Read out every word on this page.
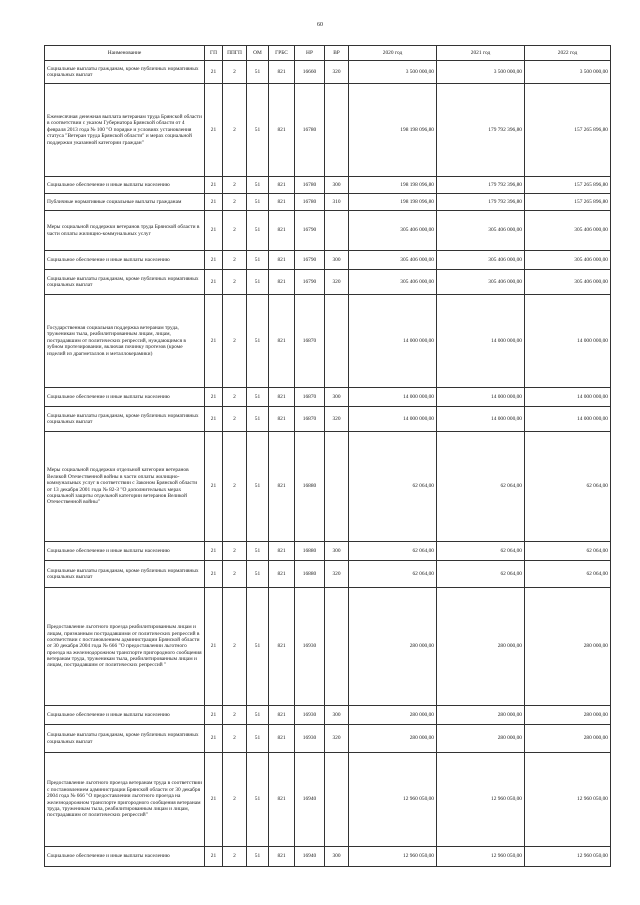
60
Наименование	ГП	ППГП	ОМ	ГРБС	НР	ВР	2020 год	2021 год	2022 год
Социальные выплаты гражданам, кроме публичных нормативных социальных выплат	21	2	51	821	16660	320	3 500 000,00	3 500 000,00	3 500 000,00
Ежемесячная денежная выплата ветеранам труда Брянской области в соответствии с указом Губернатора Брянской области от 4 февраля 2013 года № 100 "О порядке и условиях установления статуса "Ветеран труда Брянской области" и мерах социальной поддержки указанной категории граждан"	21	2	51	821	16780		198 198 096,80	179 792 396,80	157 265 896,80
Социальное обеспечение и иные выплаты населению	21	2	51	821	16780	300	198 198 096,80	179 792 396,80	157 265 896,80
Публичные нормативные социальные выплаты гражданам	21	2	51	821	16780	310	198 198 096,80	179 792 396,80	157 265 896,80
Меры социальной поддержки ветеранов труда Брянской области в части оплаты жилищно-коммунальных услуг	21	2	51	821	16790		305 406 000,00	305 406 000,00	305 406 000,00
Социальное обеспечение и иные выплаты населению	21	2	51	821	16790	300	305 406 000,00	305 406 000,00	305 406 000,00
Социальные выплаты гражданам, кроме публичных нормативных социальных выплат	21	2	51	821	16790	320	305 406 000,00	305 406 000,00	305 406 000,00
Государственная социальная поддержка ветеранам труда, труженикам тыла, реабилитированным лицам, лицам, пострадавшим от политических репрессий, нуждающимся в зубном протезировании, включая починку протезов (кроме изделий из драгметаллов и металлокерамики)	21	2	51	821	16870		14 000 000,00	14 000 000,00	14 000 000,00
Социальное обеспечение и иные выплаты населению	21	2	51	821	16870	300	14 000 000,00	14 000 000,00	14 000 000,00
Социальные выплаты гражданам, кроме публичных нормативных социальных выплат	21	2	51	821	16870	320	14 000 000,00	14 000 000,00	14 000 000,00
Меры социальной поддержки отдельной категории ветеранов Великой Отечественной войны в части оплаты жилищно-коммунальных услуг в соответствии с Законом Брянской области от 13 декабря 2001 года № 82-З "О дополнительных мерах социальной защиты отдельной категории ветеранов Великой Отечественной войны"	21	2	51	821	16880		62 064,00	62 064,00	62 064,00
Социальное обеспечение и иные выплаты населению	21	2	51	821	16880	300	62 064,00	62 064,00	62 064,00
Социальные выплаты гражданам, кроме публичных нормативных социальных выплат	21	2	51	821	16880	320	62 064,00	62 064,00	62 064,00
Предоставление льготного проезда реабилитированным лицам и лицам, признанным пострадавшими от политических репрессий в соответствии с постановлением администрации Брянской области от 30 декабря 2004 года № 666 "О предоставлении льготного проезда на железнодорожном транспорте пригородного сообщения ветеранам труда, труженикам тыла, реабилитированным лицам и лицам, пострадавшим от политических репрессий "	21	2	51	821	16930		280 000,00	280 000,00	280 000,00
Социальное обеспечение и иные выплаты населению	21	2	51	821	16930	300	280 000,00	280 000,00	280 000,00
Социальные выплаты гражданам, кроме публичных нормативных социальных выплат	21	2	51	821	16930	320	280 000,00	280 000,00	280 000,00
Предоставление льготного проезда ветеранам труда в соответствии с постановлением администрации Брянской области от 30 декабря 2004 года № 666 "О предоставлении льготного проезда на железнодорожном транспорте пригородного сообщения ветеранам труда, труженикам тыла, реабилитированным лицам и лицам, пострадавшим от политических репрессий"	21	2	51	821	16940		12 960 050,00	12 960 050,00	12 960 050,00
Социальное обеспечение и иные выплаты населению	21	2	51	821	16940	300	12 960 050,00	12 960 050,00	12 960 050,00
